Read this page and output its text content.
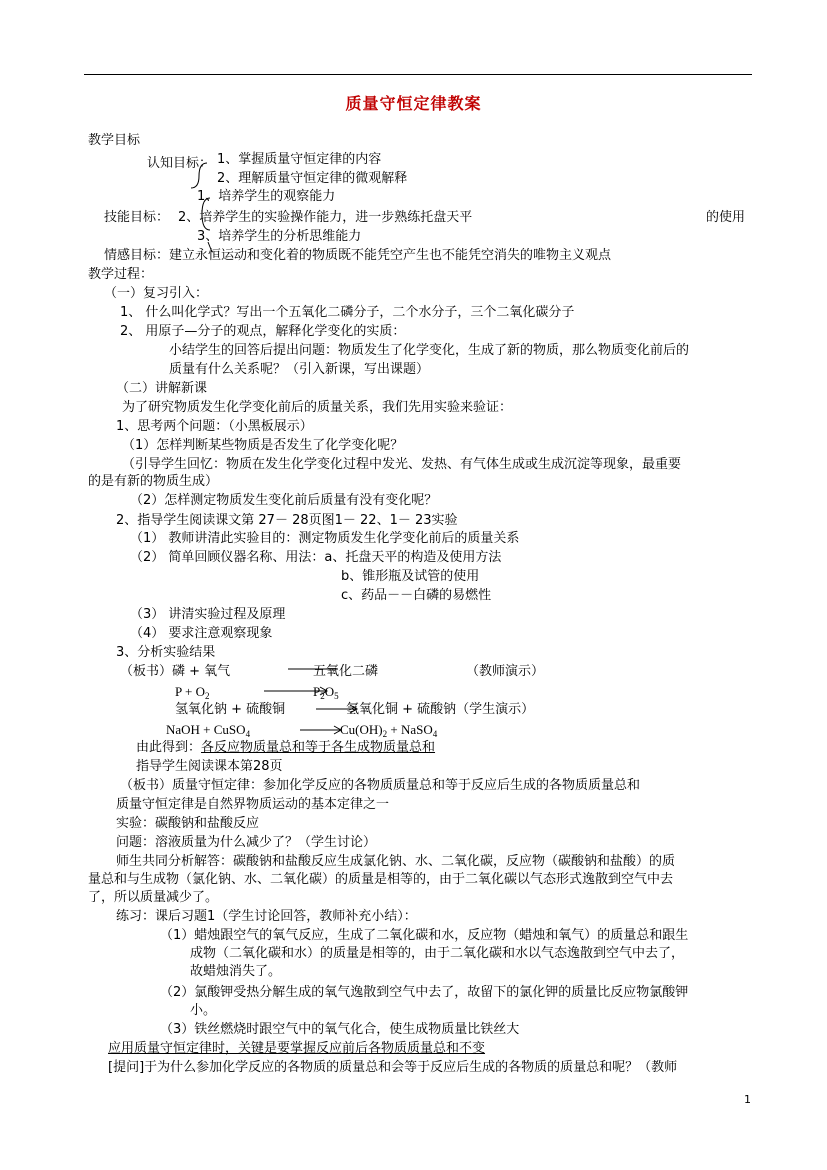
质量守恒定律教案
教学目标
认知目标： 1、掌握质量守恒定律的内容
2、理解质量守恒定律的微观解释
1、培养学生的观察能力
技能目标： 2、培养学生的实验操作能力，进一步熟练托盘天平	的使用
3、培养学生的分析思维能力
情感目标：建立永恒运动和变化着的物质既不能凭空产生也不能凭空消失的唯物主义观点
教学过程：
（一）复习引入：
1、 什么叫化学式？写出一个五氧化二磷分子，二个水分子，三个二氧化碳分子
2、 用原子—分子的观点，解释化学变化的实质：
小结学生的回答后提出问题：物质发生了化学变化，生成了新的物质，那么物质变化前后的
质量有什么关系呢？（引入新课，写出课题）
（二）讲解新课
为了研究物质发生化学变化前后的质量关系，我们先用实验来验证：
1、思考两个问题：（小黑板展示）
（1）怎样判断某些物质是否发生了化学变化呢？
（引导学生回忆：物质在发生化学变化过程中发光、发热、有气体生成或生成沉淀等现象，最重要
的是有新的物质生成）
（2）怎样测定物质发生变化前后质量有没有变化呢？
2、指导学生阅读课文第 27－ 28页图1－ 22、1－ 23实验
（1） 教师讲清此实验目的：测定物质发生化学变化前后的质量关系
（2） 简单回顾仪器名称、用法：a、托盘天平的构造及使用方法
b、锥形瓶及试管的使用
c、药品－－白磷的易燃性
（3） 讲清实验过程及原理
（4） 要求注意观察现象
3、分析实验结果
（板书）磷 + 氧气	五氧化二磷	（教师演示）
$P + O_2$	$P_2O_5$
氢氧化钠 + 硫酸铜	氢氧化铜 + 硫酸钠（学生演示）
NaOH + CuSO$_4$	$Cu(OH)_2$ + NaSO$_4$
由此得到：各反应物质量总和等于各生成物质量总和
指导学生阅读课本第28页
（板书）质量守恒定律：参加化学反应的各物质质量总和等于反应后生成的各物质质量总和
质量守恒定律是自然界物质运动的基本定律之一
实验：碳酸钠和盐酸反应
问题：溶液质量为什么减少了？（学生讨论）
师生共同分析解答：碳酸钠和盐酸反应生成氯化钠、水、二氧化碳，反应物（碳酸钠和盐酸）的质
量总和与生成物（氯化钠、水、二氧化碳）的质量是相等的，由于二氧化碳以气态形式逸散到空气中去
了，所以质量减少了。
练习：课后习题1（学生讨论回答，教师补充小结）：
（1）蜡烛跟空气的氧气反应，生成了二氧化碳和水，反应物（蜡烛和氧气）的质量总和跟生
成物（二氧化碳和水）的质量是相等的，由于二氧化碳和水以气态逸散到空气中去了，
故蜡烛消失了。
（2）氯酸钾受热分解生成的氧气逸散到空气中去了，故留下的氯化钾的质量比反应物氯酸钾
小。
（3）铁丝燃烧时跟空气中的氧气化合，使生成物质量比铁丝大
应用质量守恒定律时，关键是要掌握反应前后各物质质量总和不变
[提问]于为什么参加化学反应的各物质的质量总和会等于反应后生成的各物质的质量总和呢？（教师
1
